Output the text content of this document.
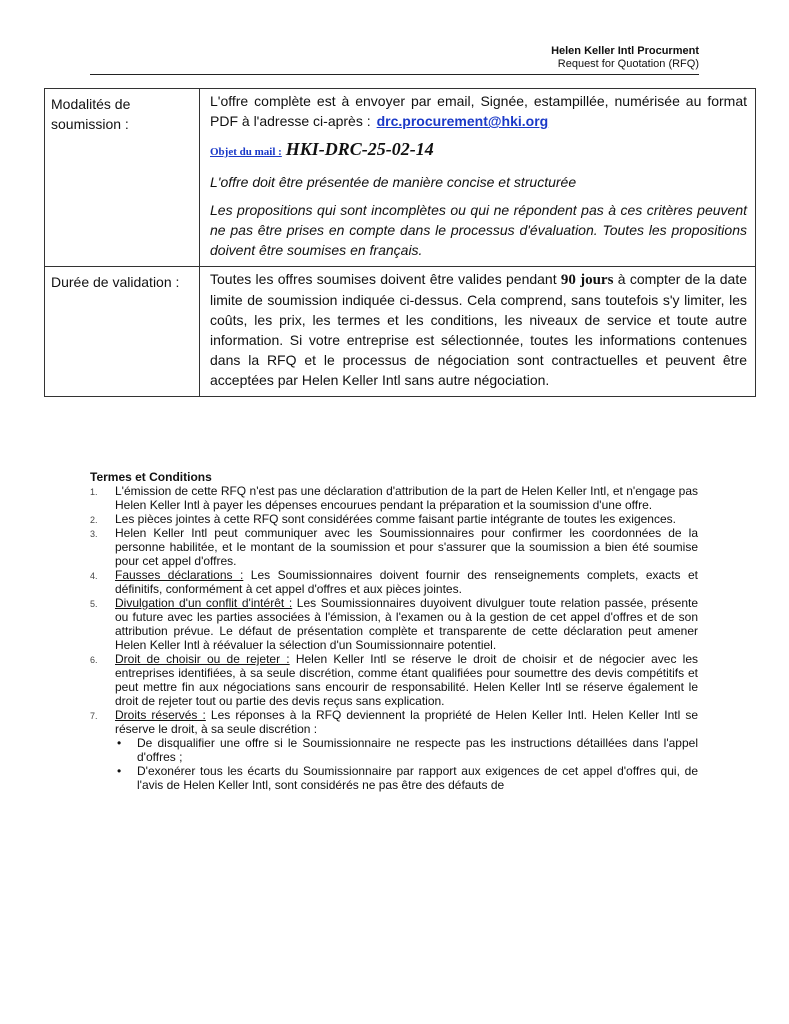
Helen Keller Intl Procurment
Request for Quotation (RFQ)
Modalités de soumission :	L'offre complète est à envoyer par email, Signée, estampillée, numérisée au format PDF à l'adresse ci-après : drc.procurement@hki.org

Objet du mail : HKI-DRC-25-02-14

L'offre doit être présentée de manière concise et structurée

Les propositions qui sont incomplètes ou qui ne répondent pas à ces critères peuvent ne pas être prises en compte dans le processus d'évaluation. Toutes les propositions doivent être soumises en français.

Durée de validation :	Toutes les offres soumises doivent être valides pendant 90 jours à compter de la date limite de soumission indiquée ci-dessus. Cela comprend, sans toutefois s'y limiter, les coûts, les prix, les termes et les conditions, les niveaux de service et toute autre information. Si votre entreprise est sélectionnée, toutes les informations contenues dans la RFQ et le processus de négociation sont contractuelles et peuvent être acceptées par Helen Keller Intl sans autre négociation.
Termes et Conditions
1. L'émission de cette RFQ n'est pas une déclaration d'attribution de la part de Helen Keller Intl, et n'engage pas Helen Keller Intl à payer les dépenses encourues pendant la préparation et la soumission d'une offre.
2. Les pièces jointes à cette RFQ sont considérées comme faisant partie intégrante de toutes les exigences.
3. Helen Keller Intl peut communiquer avec les Soumissionnaires pour confirmer les coordonnées de la personne habilitée, et le montant de la soumission et pour s'assurer que la soumission a bien été soumise pour cet appel d'offres.
4. Fausses déclarations : Les Soumissionnaires doivent fournir des renseignements complets, exacts et définitifs, conformément à cet appel d'offres et aux pièces jointes.
5. Divulgation d'un conflit d'intérêt : Les Soumissionnaires duyoivent divulguer toute relation passée, présente ou future avec les parties associées à l'émission, à l'examen ou à la gestion de cet appel d'offres et de son attribution prévue. Le défaut de présentation complète et transparente de cette déclaration peut amener Helen Keller Intl à réévaluer la sélection d'un Soumissionnaire potentiel.
6. Droit de choisir ou de rejeter : Helen Keller Intl se réserve le droit de choisir et de négocier avec les entreprises identifiées, à sa seule discrétion, comme étant qualifiées pour soumettre des devis compétitifs et peut mettre fin aux négociations sans encourir de responsabilité. Helen Keller Intl se réserve également le droit de rejeter tout ou partie des devis reçus sans explication.
7. Droits réservés : Les réponses à la RFQ deviennent la propriété de Helen Keller Intl. Helen Keller Intl se réserve le droit, à sa seule discrétion :
• De disqualifier une offre si le Soumissionnaire ne respecte pas les instructions détaillées dans l'appel d'offres ;
• D'exonérer tous les écarts du Soumissionnaire par rapport aux exigences de cet appel d'offres qui, de l'avis de Helen Keller Intl, sont considérés ne pas être des défauts de
